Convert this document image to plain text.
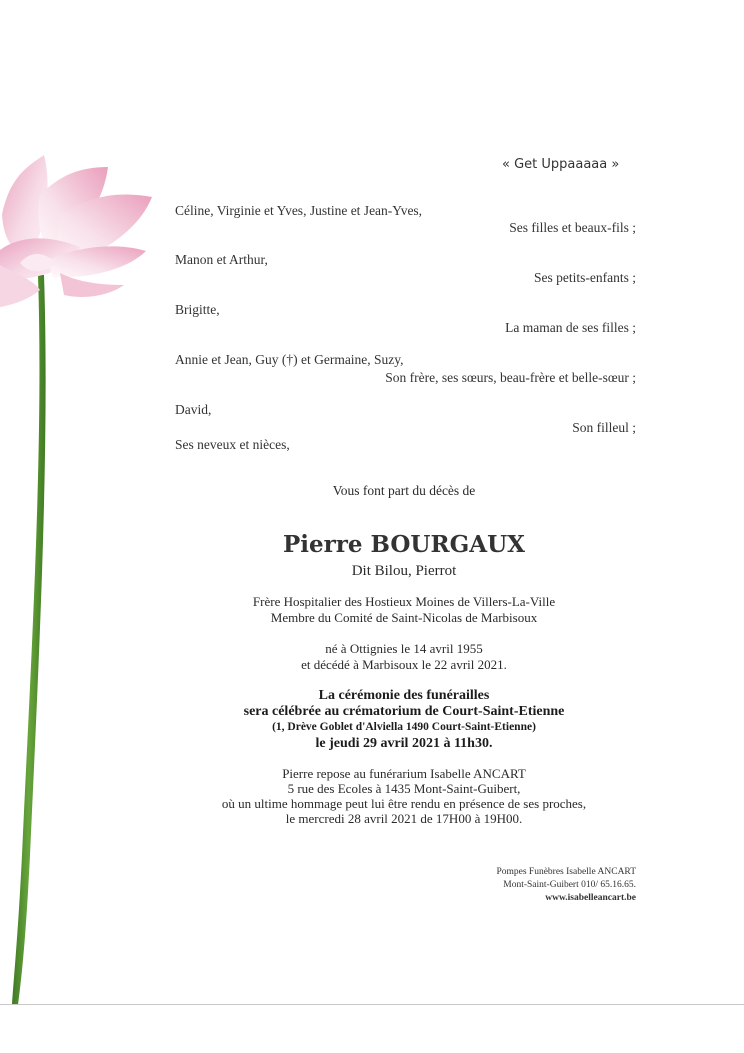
« Get Uppaaaaa »
Céline, Virginie et Yves, Justine et Jean-Yves,
Ses filles et beaux-fils ;
Manon et Arthur,
Ses petits-enfants ;
Brigitte,
La maman de ses filles ;
Annie et Jean, Guy (†) et Germaine, Suzy,
Son frère, ses sœurs, beau-frère et belle-sœur ;
David,
Son filleul ;
Ses neveux et nièces,
Vous font part du décès de
Pierre BOURGAUX
Dit Bilou, Pierrot
Frère Hospitalier des Hostieux Moines de Villers-La-Ville
Membre du Comité de Saint-Nicolas de Marbisoux
né à Ottignies le 14 avril 1955
et décédé à Marbisoux le 22 avril 2021.
La cérémonie des funérailles
sera célébrée au crématorium de Court-Saint-Etienne
(1, Drève Goblet d'Alviella 1490 Court-Saint-Etienne)
le jeudi 29 avril 2021 à 11h30.
Pierre repose au funérarium Isabelle ANCART
5 rue des Ecoles à 1435 Mont-Saint-Guibert,
où un ultime hommage peut lui être rendu en présence de ses proches,
le mercredi 28 avril 2021 de 17H00 à 19H00.
Pompes Funèbres Isabelle ANCART
Mont-Saint-Guibert 010/ 65.16.65.
www.isabelleancart.be
